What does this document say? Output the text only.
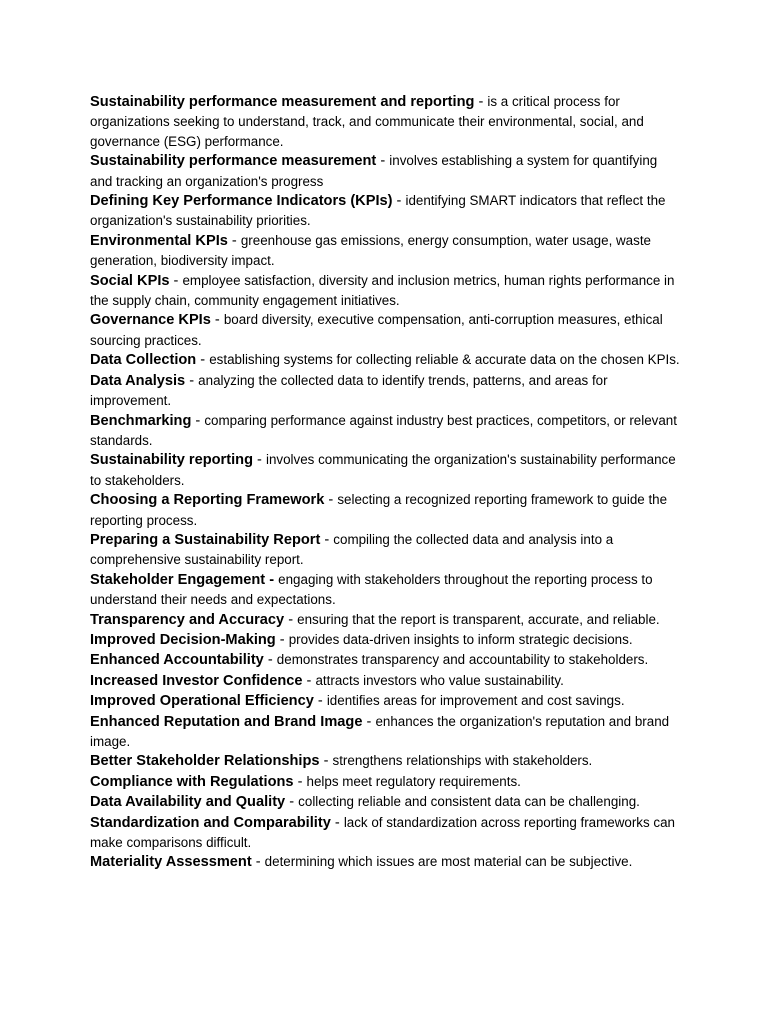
Sustainability performance measurement and reporting - is a critical process for organizations seeking to understand, track, and communicate their environmental, social, and governance (ESG) performance.

Sustainability performance measurement - involves establishing a system for quantifying and tracking an organization's progress

Defining Key Performance Indicators (KPIs) - identifying SMART indicators that reflect the organization's sustainability priorities.

Environmental KPIs - greenhouse gas emissions, energy consumption, water usage, waste generation, biodiversity impact.

Social KPIs - employee satisfaction, diversity and inclusion metrics, human rights performance in the supply chain, community engagement initiatives.

Governance KPIs - board diversity, executive compensation, anti-corruption measures, ethical sourcing practices.

Data Collection - establishing systems for collecting reliable & accurate data on the chosen KPIs.

Data Analysis - analyzing the collected data to identify trends, patterns, and areas for improvement.

Benchmarking - comparing performance against industry best practices, competitors, or relevant standards.

Sustainability reporting - involves communicating the organization's sustainability performance to stakeholders.

Choosing a Reporting Framework - selecting a recognized reporting framework to guide the reporting process.

Preparing a Sustainability Report - compiling the collected data and analysis into a comprehensive sustainability report.

Stakeholder Engagement - engaging with stakeholders throughout the reporting process to understand their needs and expectations.

Transparency and Accuracy - ensuring that the report is transparent, accurate, and reliable.

Improved Decision-Making - provides data-driven insights to inform strategic decisions.

Enhanced Accountability - demonstrates transparency and accountability to stakeholders.

Increased Investor Confidence - attracts investors who value sustainability.

Improved Operational Efficiency - identifies areas for improvement and cost savings.

Enhanced Reputation and Brand Image - enhances the organization's reputation and brand image.

Better Stakeholder Relationships - strengthens relationships with stakeholders.

Compliance with Regulations - helps meet regulatory requirements.

Data Availability and Quality - collecting reliable and consistent data can be challenging.

Standardization and Comparability - lack of standardization across reporting frameworks can make comparisons difficult.

Materiality Assessment - determining which issues are most material can be subjective.
